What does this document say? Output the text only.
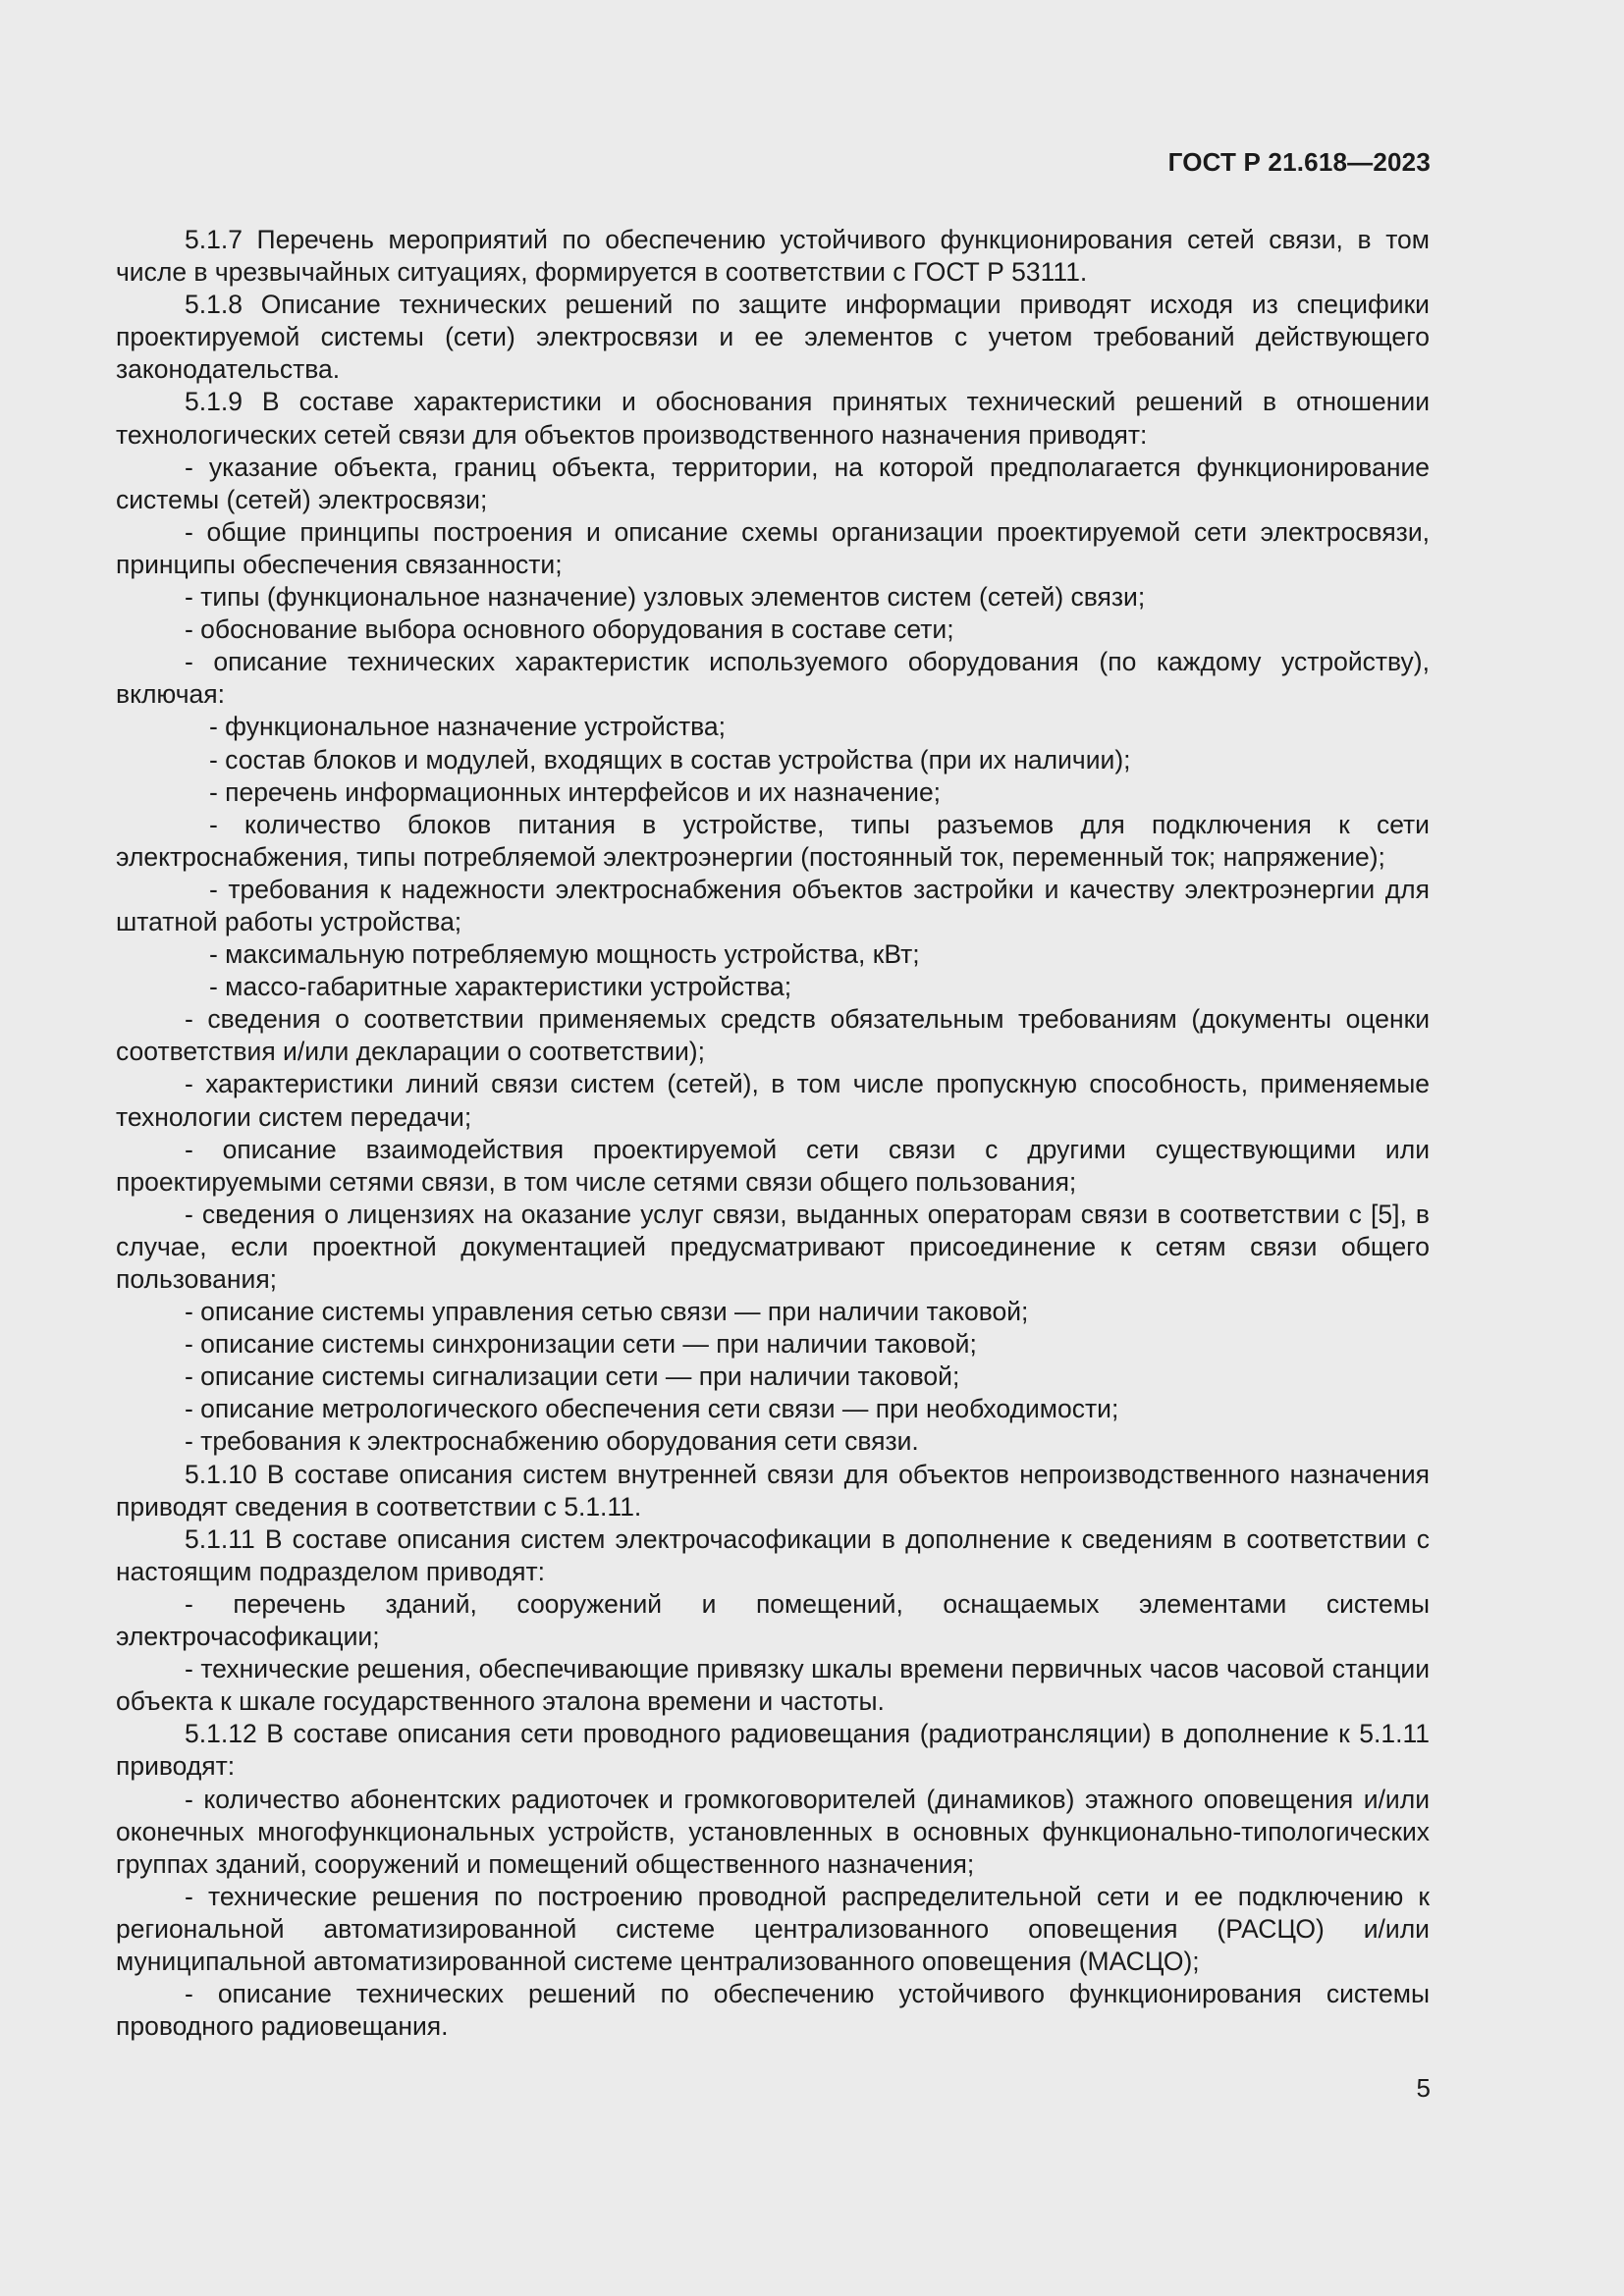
ГОСТ Р 21.618—2023

5.1.7 Перечень мероприятий по обеспечению устойчивого функционирования сетей связи, в том числе в чрезвычайных ситуациях, формируется в соответствии с ГОСТ Р 53111.

5.1.8 Описание технических решений по защите информации приводят исходя из специфики проектируемой системы (сети) электросвязи и ее элементов с учетом требований действующего законодательства.

5.1.9 В составе характеристики и обоснования принятых технический решений в отношении технологических сетей связи для объектов производственного назначения приводят:

- указание объекта, границ объекта, территории, на которой предполагается функционирование системы (сетей) электросвязи;

- общие принципы построения и описание схемы организации проектируемой сети электросвязи, принципы обеспечения связанности;

- типы (функциональное назначение) узловых элементов систем (сетей) связи;

- обоснование выбора основного оборудования в составе сети;

- описание технических характеристик используемого оборудования (по каждому устройству), включая:

- функциональное назначение устройства;

- состав блоков и модулей, входящих в состав устройства (при их наличии);

- перечень информационных интерфейсов и их назначение;

- количество блоков питания в устройстве, типы разъемов для подключения к сети электроснабжения, типы потребляемой электроэнергии (постоянный ток, переменный ток; напряжение);

- требования к надежности электроснабжения объектов застройки и качеству электроэнергии для штатной работы устройства;

- максимальную потребляемую мощность устройства, кВт;

- массо-габаритные характеристики устройства;

- сведения о соответствии применяемых средств обязательным требованиям (документы оценки соответствия и/или декларации о соответствии);

- характеристики линий связи систем (сетей), в том числе пропускную способность, применяемые технологии систем передачи;

- описание взаимодействия проектируемой сети связи с другими существующими или проектируемыми сетями связи, в том числе сетями связи общего пользования;

- сведения о лицензиях на оказание услуг связи, выданных операторам связи в соответствии с [5], в случае, если проектной документацией предусматривают присоединение к сетям связи общего пользования;

- описание системы управления сетью связи — при наличии таковой;

- описание системы синхронизации сети — при наличии таковой;

- описание системы сигнализации сети — при наличии таковой;

- описание метрологического обеспечения сети связи — при необходимости;

- требования к электроснабжению оборудования сети связи.

5.1.10 В составе описания систем внутренней связи для объектов непроизводственного назначения приводят сведения в соответствии с 5.1.11.

5.1.11 В составе описания систем электрочасофикации в дополнение к сведениям в соответствии с настоящим подразделом приводят:

- перечень зданий, сооружений и помещений, оснащаемых элементами системы электрочасофикации;

- технические решения, обеспечивающие привязку шкалы времени первичных часов часовой станции объекта к шкале государственного эталона времени и частоты.

5.1.12 В составе описания сети проводного радиовещания (радиотрансляции) в дополнение к 5.1.11 приводят:

- количество абонентских радиоточек и громкоговорителей (динамиков) этажного оповещения и/или оконечных многофункциональных устройств, установленных в основных функционально-типологических группах зданий, сооружений и помещений общественного назначения;

- технические решения по построению проводной распределительной сети и ее подключению к региональной автоматизированной системе централизованного оповещения (РАСЦО) и/или муниципальной автоматизированной системе централизованного оповещения (МАСЦО);

- описание технических решений по обеспечению устойчивого функционирования системы проводного радиовещания.

5
